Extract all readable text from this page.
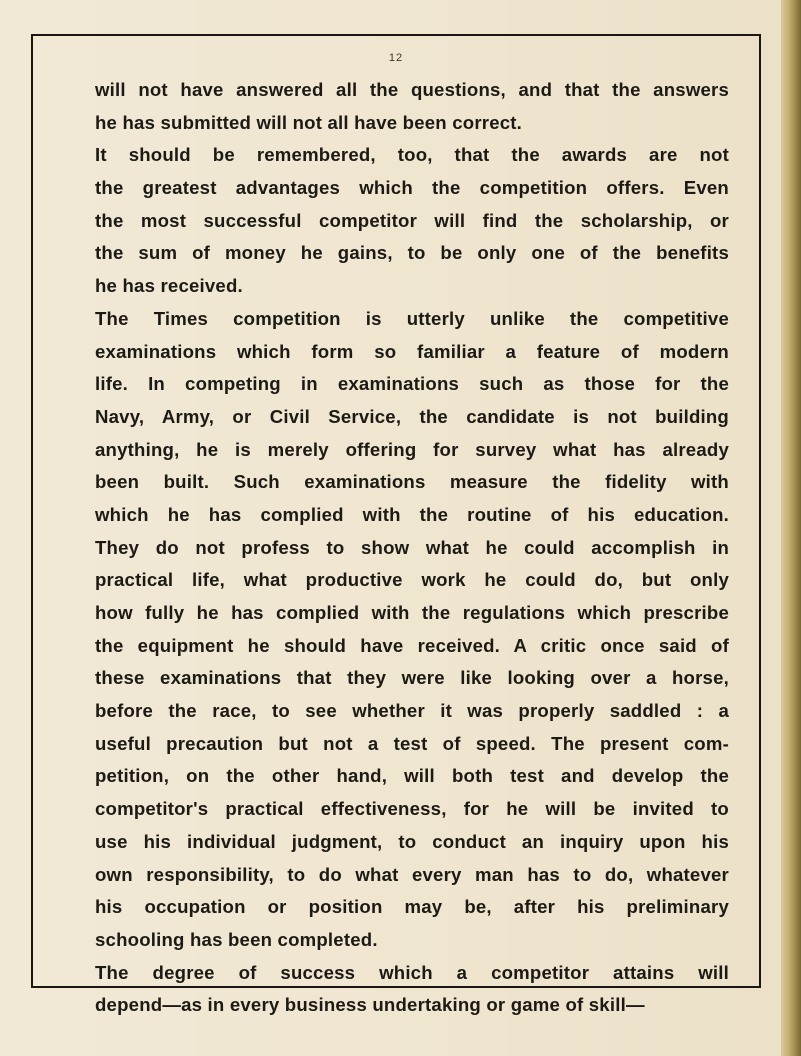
12
will not have answered all the questions, and that the answers
he has submitted will not all have been correct.
It should be remembered, too, that the awards are not
the greatest advantages which the competition offers. Even
the most successful competitor will find the scholarship, or
the sum of money he gains, to be only one of the benefits
he has received.
The Times competition is utterly unlike the competitive
examinations which form so familiar a feature of modern
life. In competing in examinations such as those for the
Navy, Army, or Civil Service, the candidate is not building
anything, he is merely offering for survey what has already
been built. Such examinations measure the fidelity with
which he has complied with the routine of his education.
They do not profess to show what he could accomplish in
practical life, what productive work he could do, but only
how fully he has complied with the regulations which prescribe
the equipment he should have received. A critic once said of
these examinations that they were like looking over a horse,
before the race, to see whether it was properly saddled : a
useful precaution but not a test of speed. The present com-
petition, on the other hand, will both test and develop the
competitor's practical effectiveness, for he will be invited to
use his individual judgment, to conduct an inquiry upon his
own responsibility, to do what every man has to do, whatever
his occupation or position may be, after his preliminary
schooling has been completed.
The degree of success which a competitor attains will
depend—as in every business undertaking or game of skill—
